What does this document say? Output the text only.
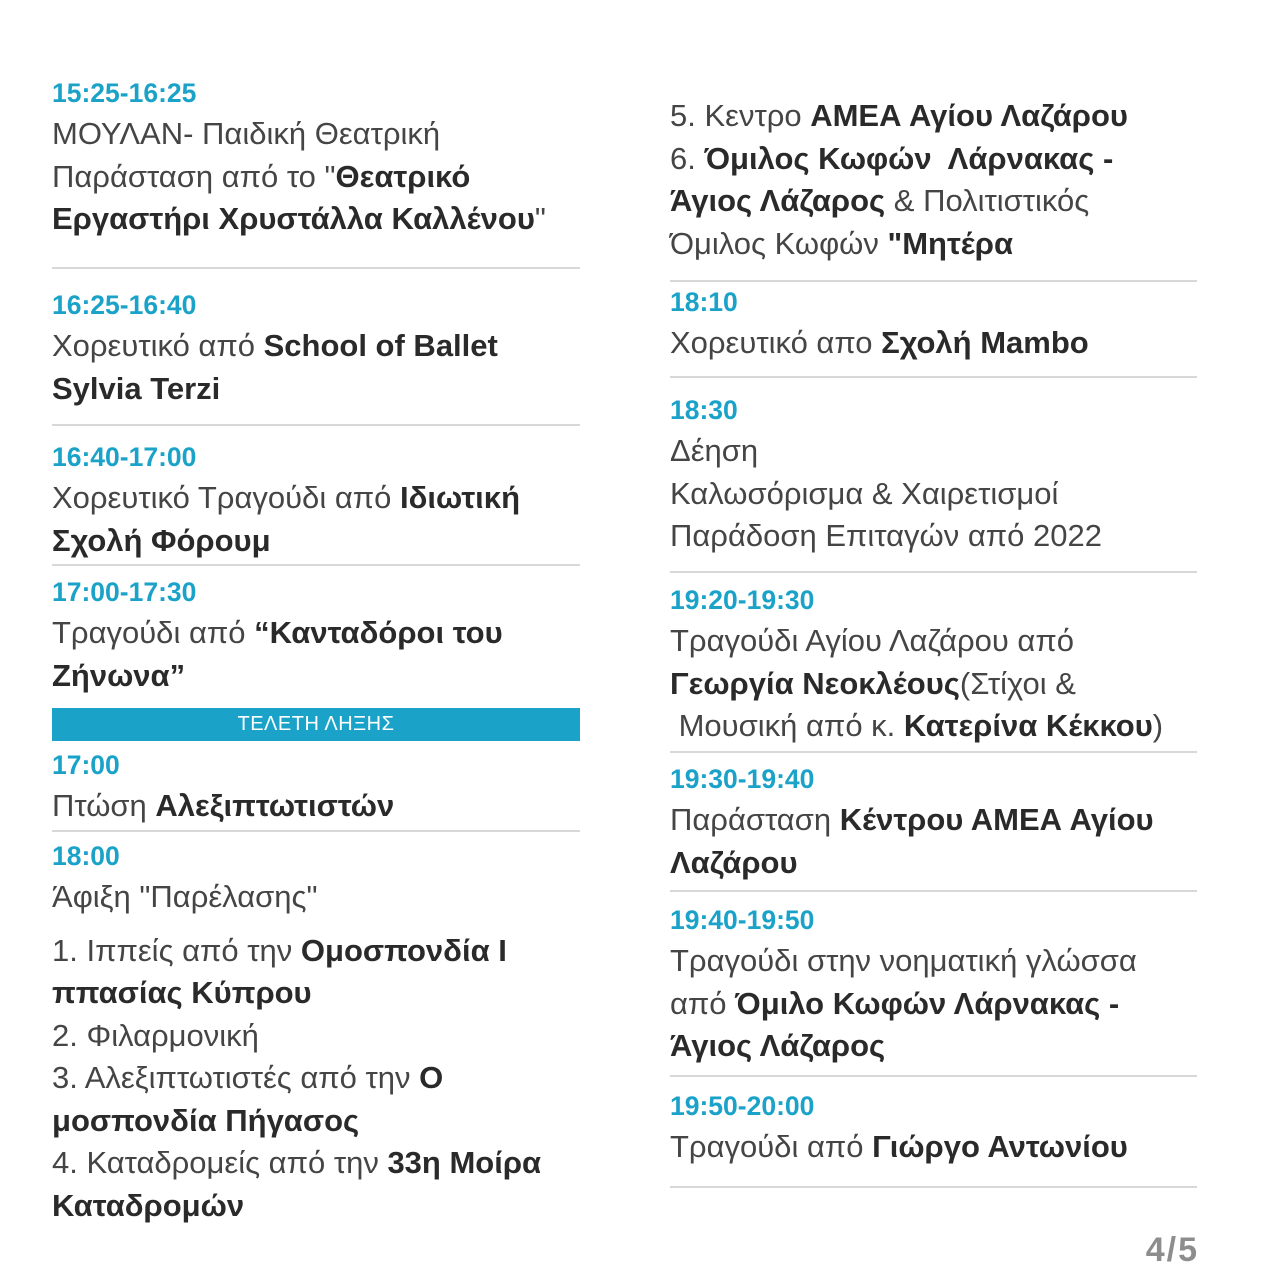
ΤΕΛΕΤΗ ΛΗΞΗΣ
15:25-16:25
ΜΟΥΛΑΝ- Παιδική Θεατρική
Παράσταση από το "Θεατρικό
Εργαστήρι Χρυστάλλα Καλλένου"
16:25-16:40
Χορευτικό από School of Ballet
Sylvia Terzi
16:40-17:00
Χορευτικό Τραγούδι από Ιδιωτική
Σχολή Φόρουμ
17:00-17:30
Τραγούδι από “Κανταδόροι του
Ζήνωνα”
17:00
Πτώση Αλεξιπτωτιστών
18:00
Άφιξη "Παρέλασης"
1. Ιππείς από την Ομοσπονδία Ι
ππασίας Κύπρου
2. Φιλαρμονική
3. Αλεξιπτωτιστές από την Ο
μοσπονδία Πήγασος
4. Καταδρομείς από την 33η Μοίρα
Καταδρομών
5. Κεντρο ΑΜΕΑ Αγίου Λαζάρου
6. Όμιλος Κωφών  Λάρνακας -
Άγιος Λάζαρος & Πολιτιστικός
Όμιλος Κωφών "Μητέρα
18:10
Χορευτικό απο Σχολή Mambo
18:30
Δέηση
Καλωσόρισμα & Χαιρετισμοί
Παράδοση Επιταγών από 2022
19:20-19:30
Τραγούδι Αγίου Λαζάρου από
Γεωργία Νεοκλέους(Στίχοι &
Μουσική από κ. Κατερίνα Κέκκου)
19:30-19:40
Παράσταση Κέντρου ΑΜΕΑ Αγίου
Λαζάρου
19:40-19:50
Τραγούδι στην νοηματική γλώσσα
από Όμιλο Κωφών Λάρνακας -
Άγιος Λάζαρος
19:50-20:00
Τραγούδι από Γιώργο Αντωνίου
4/5
